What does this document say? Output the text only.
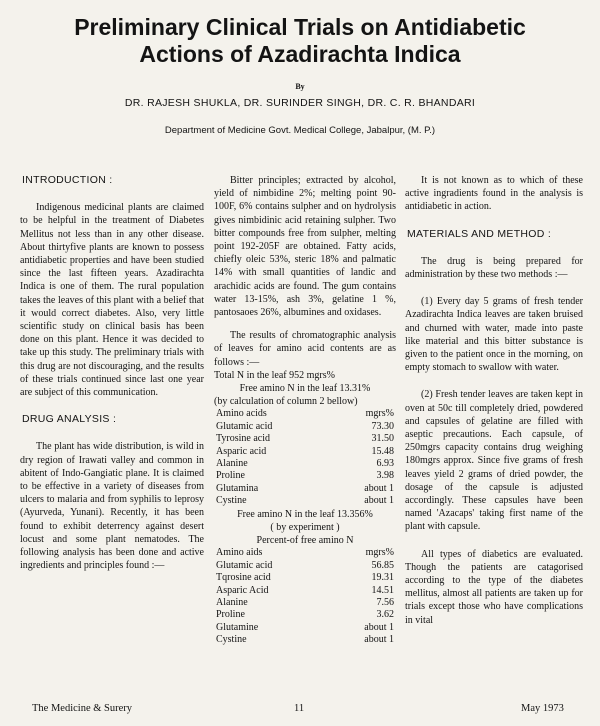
Preliminary Clinical Trials on Antidiabetic
Actions of Azadirachta Indica
By
DR. RAJESH SHUKLA, DR. SURINDER SINGH, DR. C. R. BHANDARI
Department of Medicine Govt. Medical College, Jabalpur, (M. P.)
INTRODUCTION :

Indigenous medicinal plants are claimed to be helpful in the treatment of Diabetes Mellitus not less than in any other disease. About thirtyfive plants are known to possess antidiabetic properties and have been studied since the last fifteen years. Azadirachta Indica is one of them. The rural population takes the leaves of this plant with a belief that it would correct diabetes. Also, very little scientific study on clinical basis has been done on this plant. Hence it was decided to take up this study. The preliminary trials with this drug are not discouraging, and the results of these trials continued since last one year are subject of this communication.

DRUG ANALYSIS :

The plant has wide distribution, is wild in dry region of Irawati valley and common in abitent of Indo-Gangiatic plane. It is claimed to be effective in a variety of diseases from ulcers to malaria and from syphilis to leprosy (Ayurveda, Yunani). Recently, it has been found to exhibit deterrency against desert locust and some plant nematodes. The following analysis has been done and active ingredients and principles found :—

Bitter principles; extracted by alcohol, yield of nimbidine 2%; melting point 90-100F, 6% contains sulpher and on hydrolysis gives nimbidinic acid retaining sulpher. Two bitter compounds free from sulpher, melting point 192-205F are obtained. Fatty acids, chiefly oleic 53%, steric 18% and palmatic 14% with small quantities of landic and arachidic acids are found. The gum contains water 13-15%, ash 3%, gelatine 1 %, pantosaoes 26%, albumines and oxidases.

The results of chromatographic analysis of leaves for amino acid contents are as follows :—

Total N in the leaf 952 mgrs%

Free amino N in the leaf 13.31%
(by calculation of column 2 bellow)
Amino acids	mgrs%
Glutamic acid	73.30
Tyrosine acid	31.50
Asparic acid	15.48
Alanine	6.93
Proline	3.98
Glutamina	about 1
Cystine	about 1
Free amino N in the leaf 13.356%
( by experiment )
Percent-of free amino N
Amino aids	mgrs%
Glutamic acid	56.85
Tqrosine acid	19.31
Asparic Acid	14.51
Alanine	7.56
Proline	3.62
Glutamine	about 1
Cystine	about 1

It is not known as to which of these active ingradients found in the analysis is antidiabetic in action.

MATERIALS AND METHOD :

The drug is being prepared for administration by these two methods :—

(1) Every day 5 grams of fresh tender Azadirachta Indica leaves are taken bruised and churned with water, made into paste like material and this bitter substance is given to the patient once in the morning, on empty stomach to swallow with water.

(2) Fresh tender leaves are taken kept in oven at 50c till completely dried, powdered and capsules of gelatine are filled with aseptic precautions. Each capsule, of 250mgrs capacity contains drug weighing 180mgrs approx. Since five grams of fresh leaves yield 2 grams of dried powder, the dosage of the capsule is adjusted accordingly. These capsules have been named 'Azacaps' taking first name of the plant with capsule.

All types of diabetics are evaluated. Though the patients are catagorised according to the type of the diabetes mellitus, almost all patients are taken up for trials except those who have complications in vital

The Medicine & Surery	11	May 1973
